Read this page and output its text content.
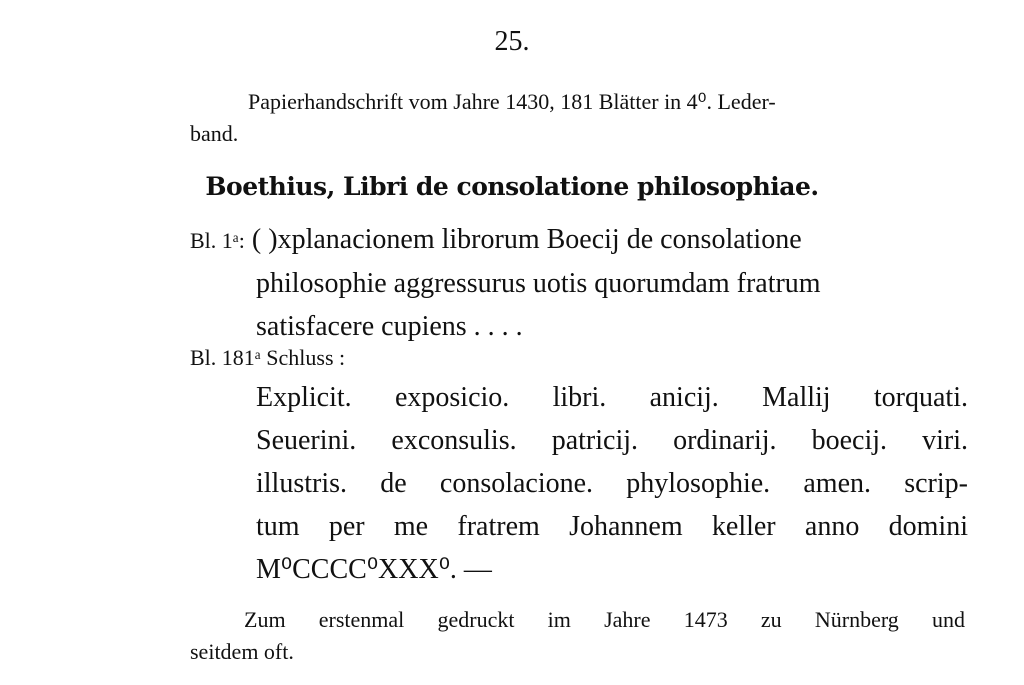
25.
Papierhandschrift vom Jahre 1430, 181 Blätter in 4⁰. Leder-
band.
Boethius, Libri de consolatione philosophiae.
Bl. 1ᵃ: ( )xplanacionem librorum Boecij de consolatione
philosophie aggressurus uotis quorumdam fratrum
satisfacere cupiens . . . .
Bl. 181ᵃ Schluss :
Explicit. exposicio. libri. anicij. Mallij torquati.
Seuerini. exconsulis. patricij. ordinarij. boecij. viri.
illustris. de consolacione. phylosophie. amen. scrip-
tum per me fratrem Johannem keller anno domini
M⁰CCCC⁰XXX⁰. —
Zum erstenmal gedruckt im Jahre 1473 zu Nürnberg und
seitdem oft.
